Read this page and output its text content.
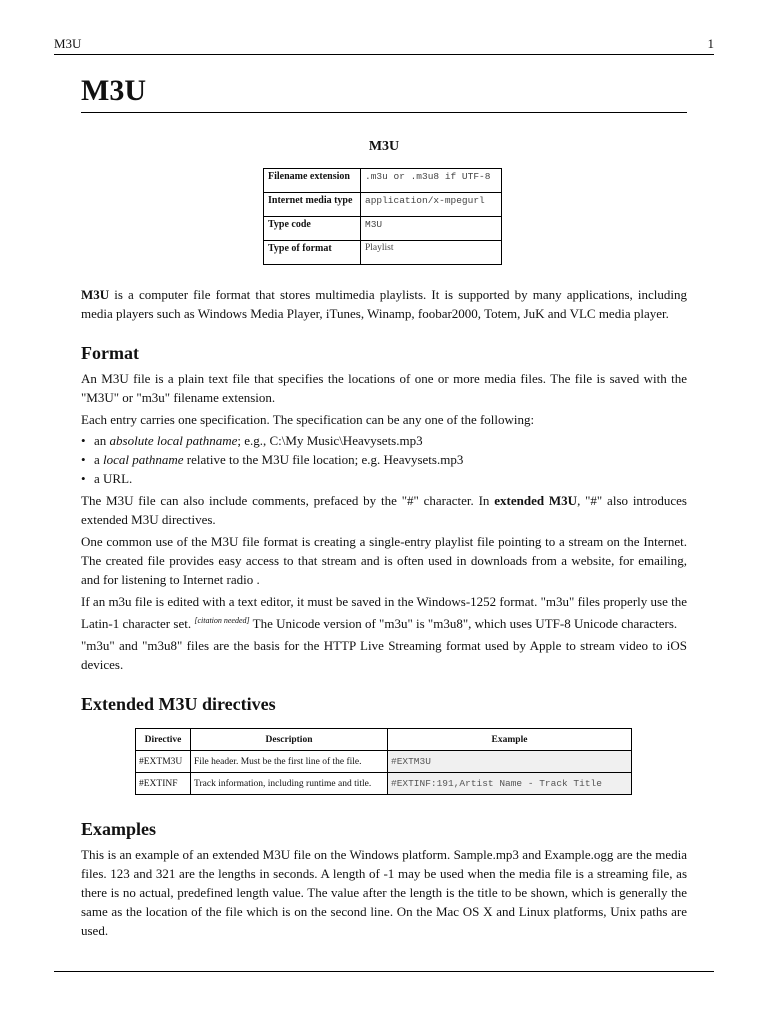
M3U	1
M3U
M3U
Filename extension	.m3u or .m3u8 if UTF-8
Internet media type	application/x-mpegurl
Type code	M3U
Type of format	Playlist

M3U is a computer file format that stores multimedia playlists. It is supported by many applications, including media players such as Windows Media Player, iTunes, Winamp, foobar2000, Totem, JuK and VLC media player.

Format

An M3U file is a plain text file that specifies the locations of one or more media files. The file is saved with the "M3U" or "m3u" filename extension.

Each entry carries one specification. The specification can be any one of the following:

• an absolute local pathname; e.g., C:\My Music\Heavysets.mp3
• a local pathname relative to the M3U file location; e.g. Heavysets.mp3
• a URL.

The M3U file can also include comments, prefaced by the "#" character. In extended M3U, "#" also introduces extended M3U directives.

One common use of the M3U file format is creating a single-entry playlist file pointing to a stream on the Internet. The created file provides easy access to that stream and is often used in downloads from a website, for emailing, and for listening to Internet radio .

If an m3u file is edited with a text editor, it must be saved in the Windows-1252 format. "m3u" files properly use the Latin-1 character set. [citation needed] The Unicode version of "m3u" is "m3u8", which uses UTF-8 Unicode characters.

"m3u" and "m3u8" files are the basis for the HTTP Live Streaming format used by Apple to stream video to iOS devices.

Extended M3U directives
Directive	Description	Example
#EXTM3U	File header. Must be the first line of the file.	#EXTM3U
#EXTINF	Track information, including runtime and title.	#EXTINF:191,Artist Name - Track Title
Examples

This is an example of an extended M3U file on the Windows platform. Sample.mp3 and Example.ogg are the media files. 123 and 321 are the lengths in seconds. A length of -1 may be used when the media file is a streaming file, as there is no actual, predefined length value. The value after the length is the title to be shown, which is generally the same as the location of the file which is on the second line. On the Mac OS X and Linux platforms, Unix paths are used.
